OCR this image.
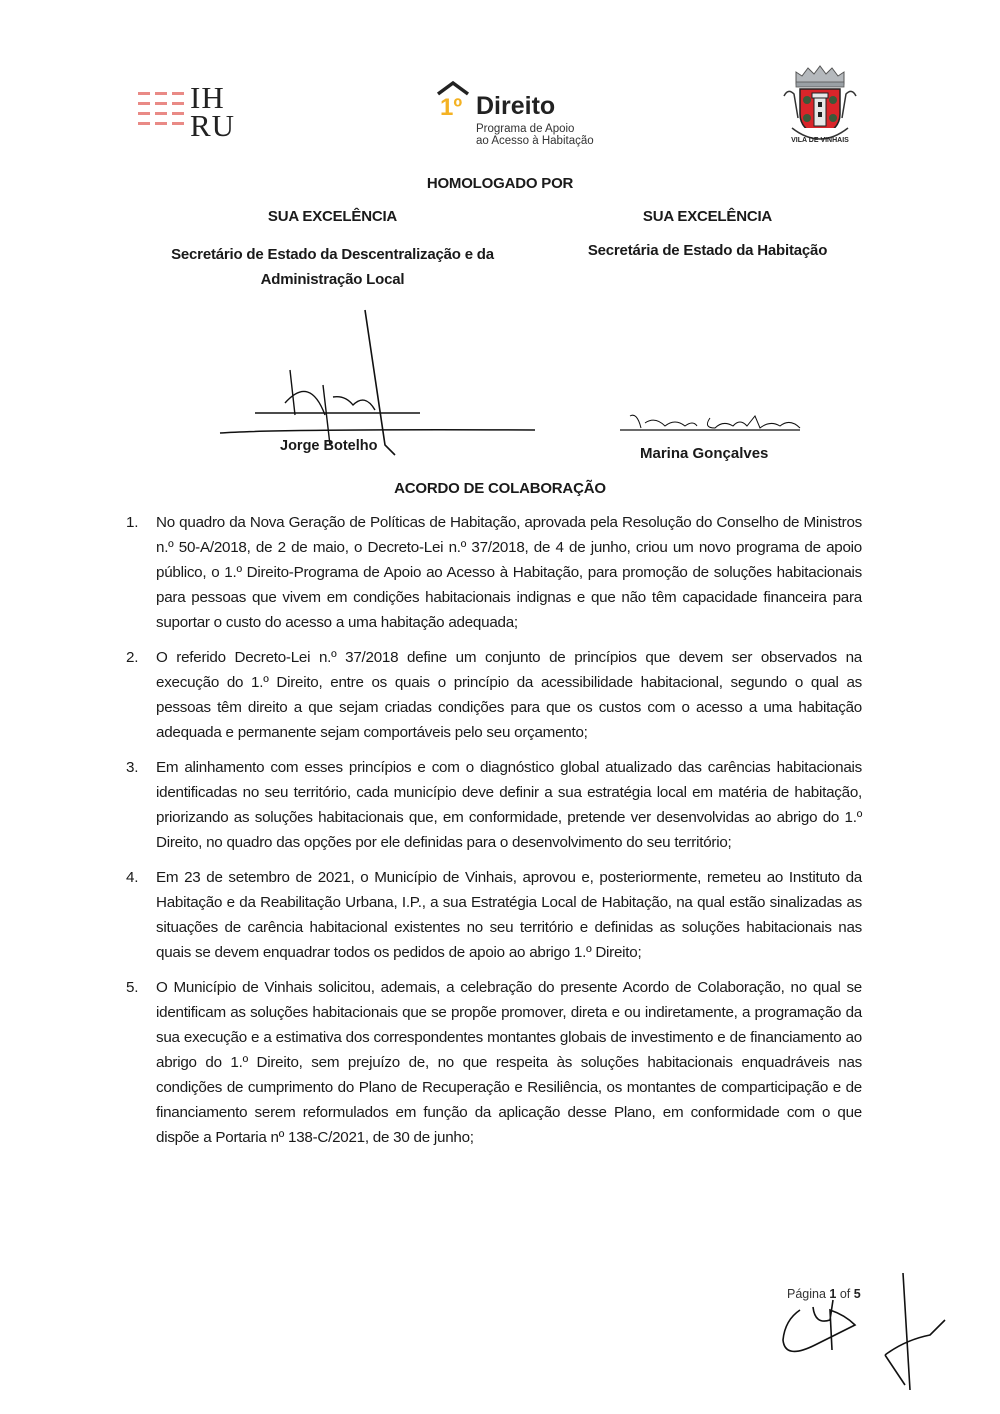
IH
RU
1º Direito
Programa de Apoio
ao Acesso à Habitação	VILA DE VINHAIS
HOMOLOGADO POR
SUA EXCELÊNCIA	SUA EXCELÊNCIA
Secretário de Estado da Descentralização e da Administração Local
Secretária de Estado da Habitação
Jorge Botelho	Marina Gonçalves
ACORDO DE COLABORAÇÃO
1.	No quadro da Nova Geração de Políticas de Habitação, aprovada pela Resolução do Conselho de Ministros n.º 50-A/2018, de 2 de maio, o Decreto-Lei n.º 37/2018, de 4 de junho, criou um novo programa de apoio público, o 1.º Direito-Programa de Apoio ao Acesso à Habitação, para promoção de soluções habitacionais para pessoas que vivem em condições habitacionais indignas e que não têm capacidade financeira para suportar o custo do acesso a uma habitação adequada;
2.	O referido Decreto-Lei n.º 37/2018 define um conjunto de princípios que devem ser observados na execução do 1.º Direito, entre os quais o princípio da acessibilidade habitacional, segundo o qual as pessoas têm direito a que sejam criadas condições para que os custos com o acesso a uma habitação adequada e permanente sejam comportáveis pelo seu orçamento;
3.	Em alinhamento com esses princípios e com o diagnóstico global atualizado das carências habitacionais identificadas no seu território, cada município deve definir a sua estratégia local em matéria de habitação, priorizando as soluções habitacionais que, em conformidade, pretende ver desenvolvidas ao abrigo do 1.º Direito, no quadro das opções por ele definidas para o desenvolvimento do seu território;
4.	Em 23 de setembro de 2021, o Município de Vinhais, aprovou e, posteriormente, remeteu ao Instituto da Habitação e da Reabilitação Urbana, I.P., a sua Estratégia Local de Habitação, na qual estão sinalizadas as situações de carência habitacional existentes no seu território e definidas as soluções habitacionais nas quais se devem enquadrar todos os pedidos de apoio ao abrigo 1.º Direito;
5.	O Município de Vinhais solicitou, ademais, a celebração do presente Acordo de Colaboração, no qual se identificam as soluções habitacionais que se propõe promover, direta e ou indiretamente, a programação da sua execução e a estimativa dos correspondentes montantes globais de investimento e de financiamento ao abrigo do 1.º Direito, sem prejuízo de, no que respeita às soluções habitacionais enquadráveis nas condições de cumprimento do Plano de Recuperação e Resiliência, os montantes de comparticipação e de financiamento serem reformulados em função da aplicação desse Plano, em conformidade com o que dispõe a Portaria nº 138-C/2021, de 30 de junho;
Página 1 of 5
